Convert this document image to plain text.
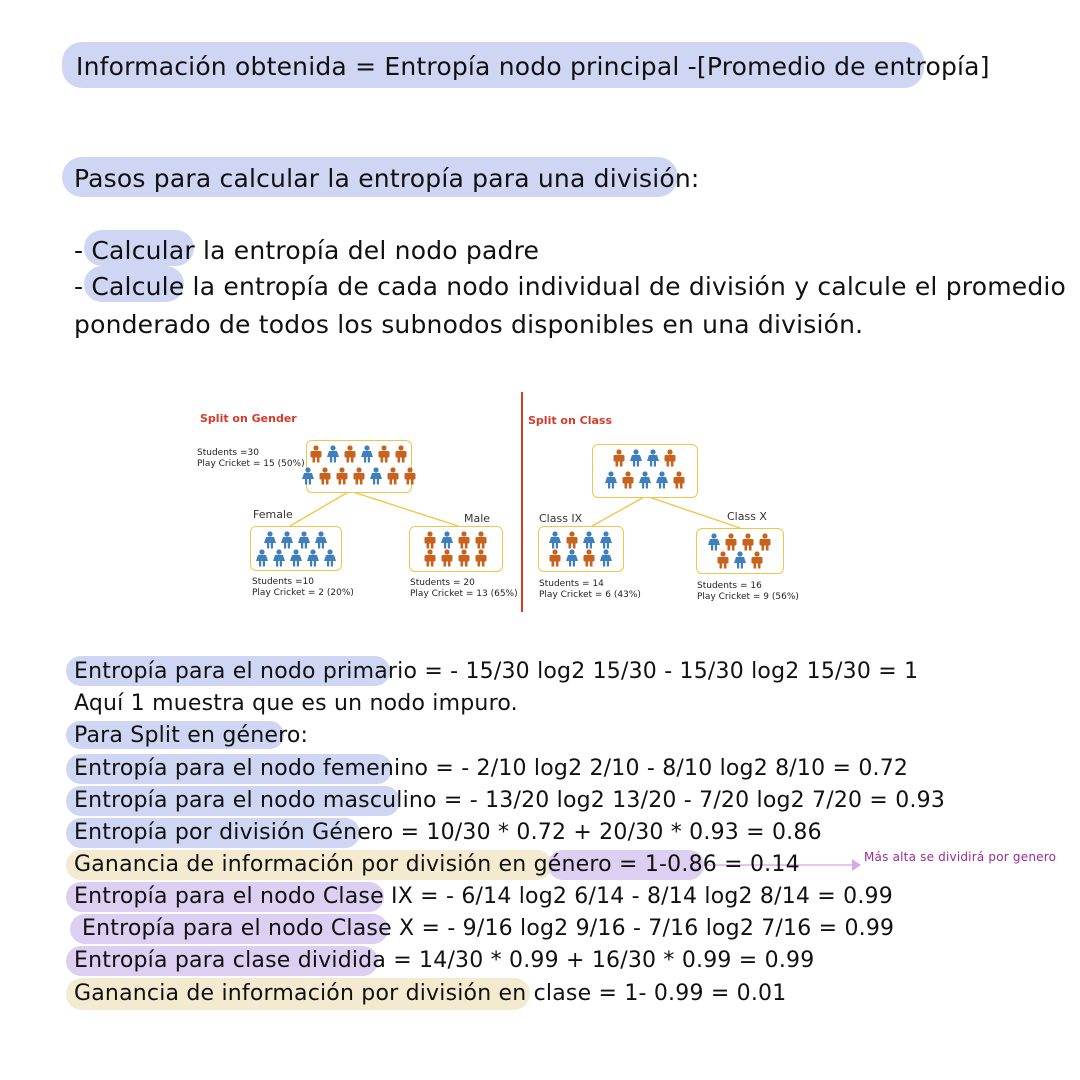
Información obtenida = Entropía nodo principal -[Promedio de entropía]
Pasos para calcular la entropía para una división:
- Calcular la entropía del nodo padre
- Calcule la entropía de cada nodo individual de división y calcule el promedio
ponderado de todos los subnodos disponibles en una división.
Split on Gender	Split on Class
Students =30
Play Cricket = 15 (50%)
Female
Students =10
Play Cricket = 2 (20%)
Male
Students = 20
Play Cricket = 13 (65%)
Class IX
Students = 14
Play Cricket = 6 (43%)
Class X
Students = 16
Play Cricket = 9 (56%)
Entropía para el nodo primario = - 15/30 log2 15/30 - 15/30 log2 15/30 = 1
Aquí 1 muestra que es un nodo impuro.
Para Split en género:
Entropía para el nodo femenino = - 2/10 log2 2/10 - 8/10 log2 8/10 = 0.72
Entropía para el nodo masculino = - 13/20 log2 13/20 - 7/20 log2 7/20 = 0.93
Entropía por división Género = 10/30 * 0.72 + 20/30 * 0.93 = 0.86
Más alta se dividirá por genero
Ganancia de información por división en género = 1-0.86 = 0.14
Entropía para el nodo Clase IX = - 6/14 log2 6/14 - 8/14 log2 8/14 = 0.99
Entropía para el nodo Clase X = - 9/16 log2 9/16 - 7/16 log2 7/16 = 0.99
Entropía para clase dividida = 14/30 * 0.99 + 16/30 * 0.99 = 0.99
Ganancia de información por división en clase = 1- 0.99 = 0.01
